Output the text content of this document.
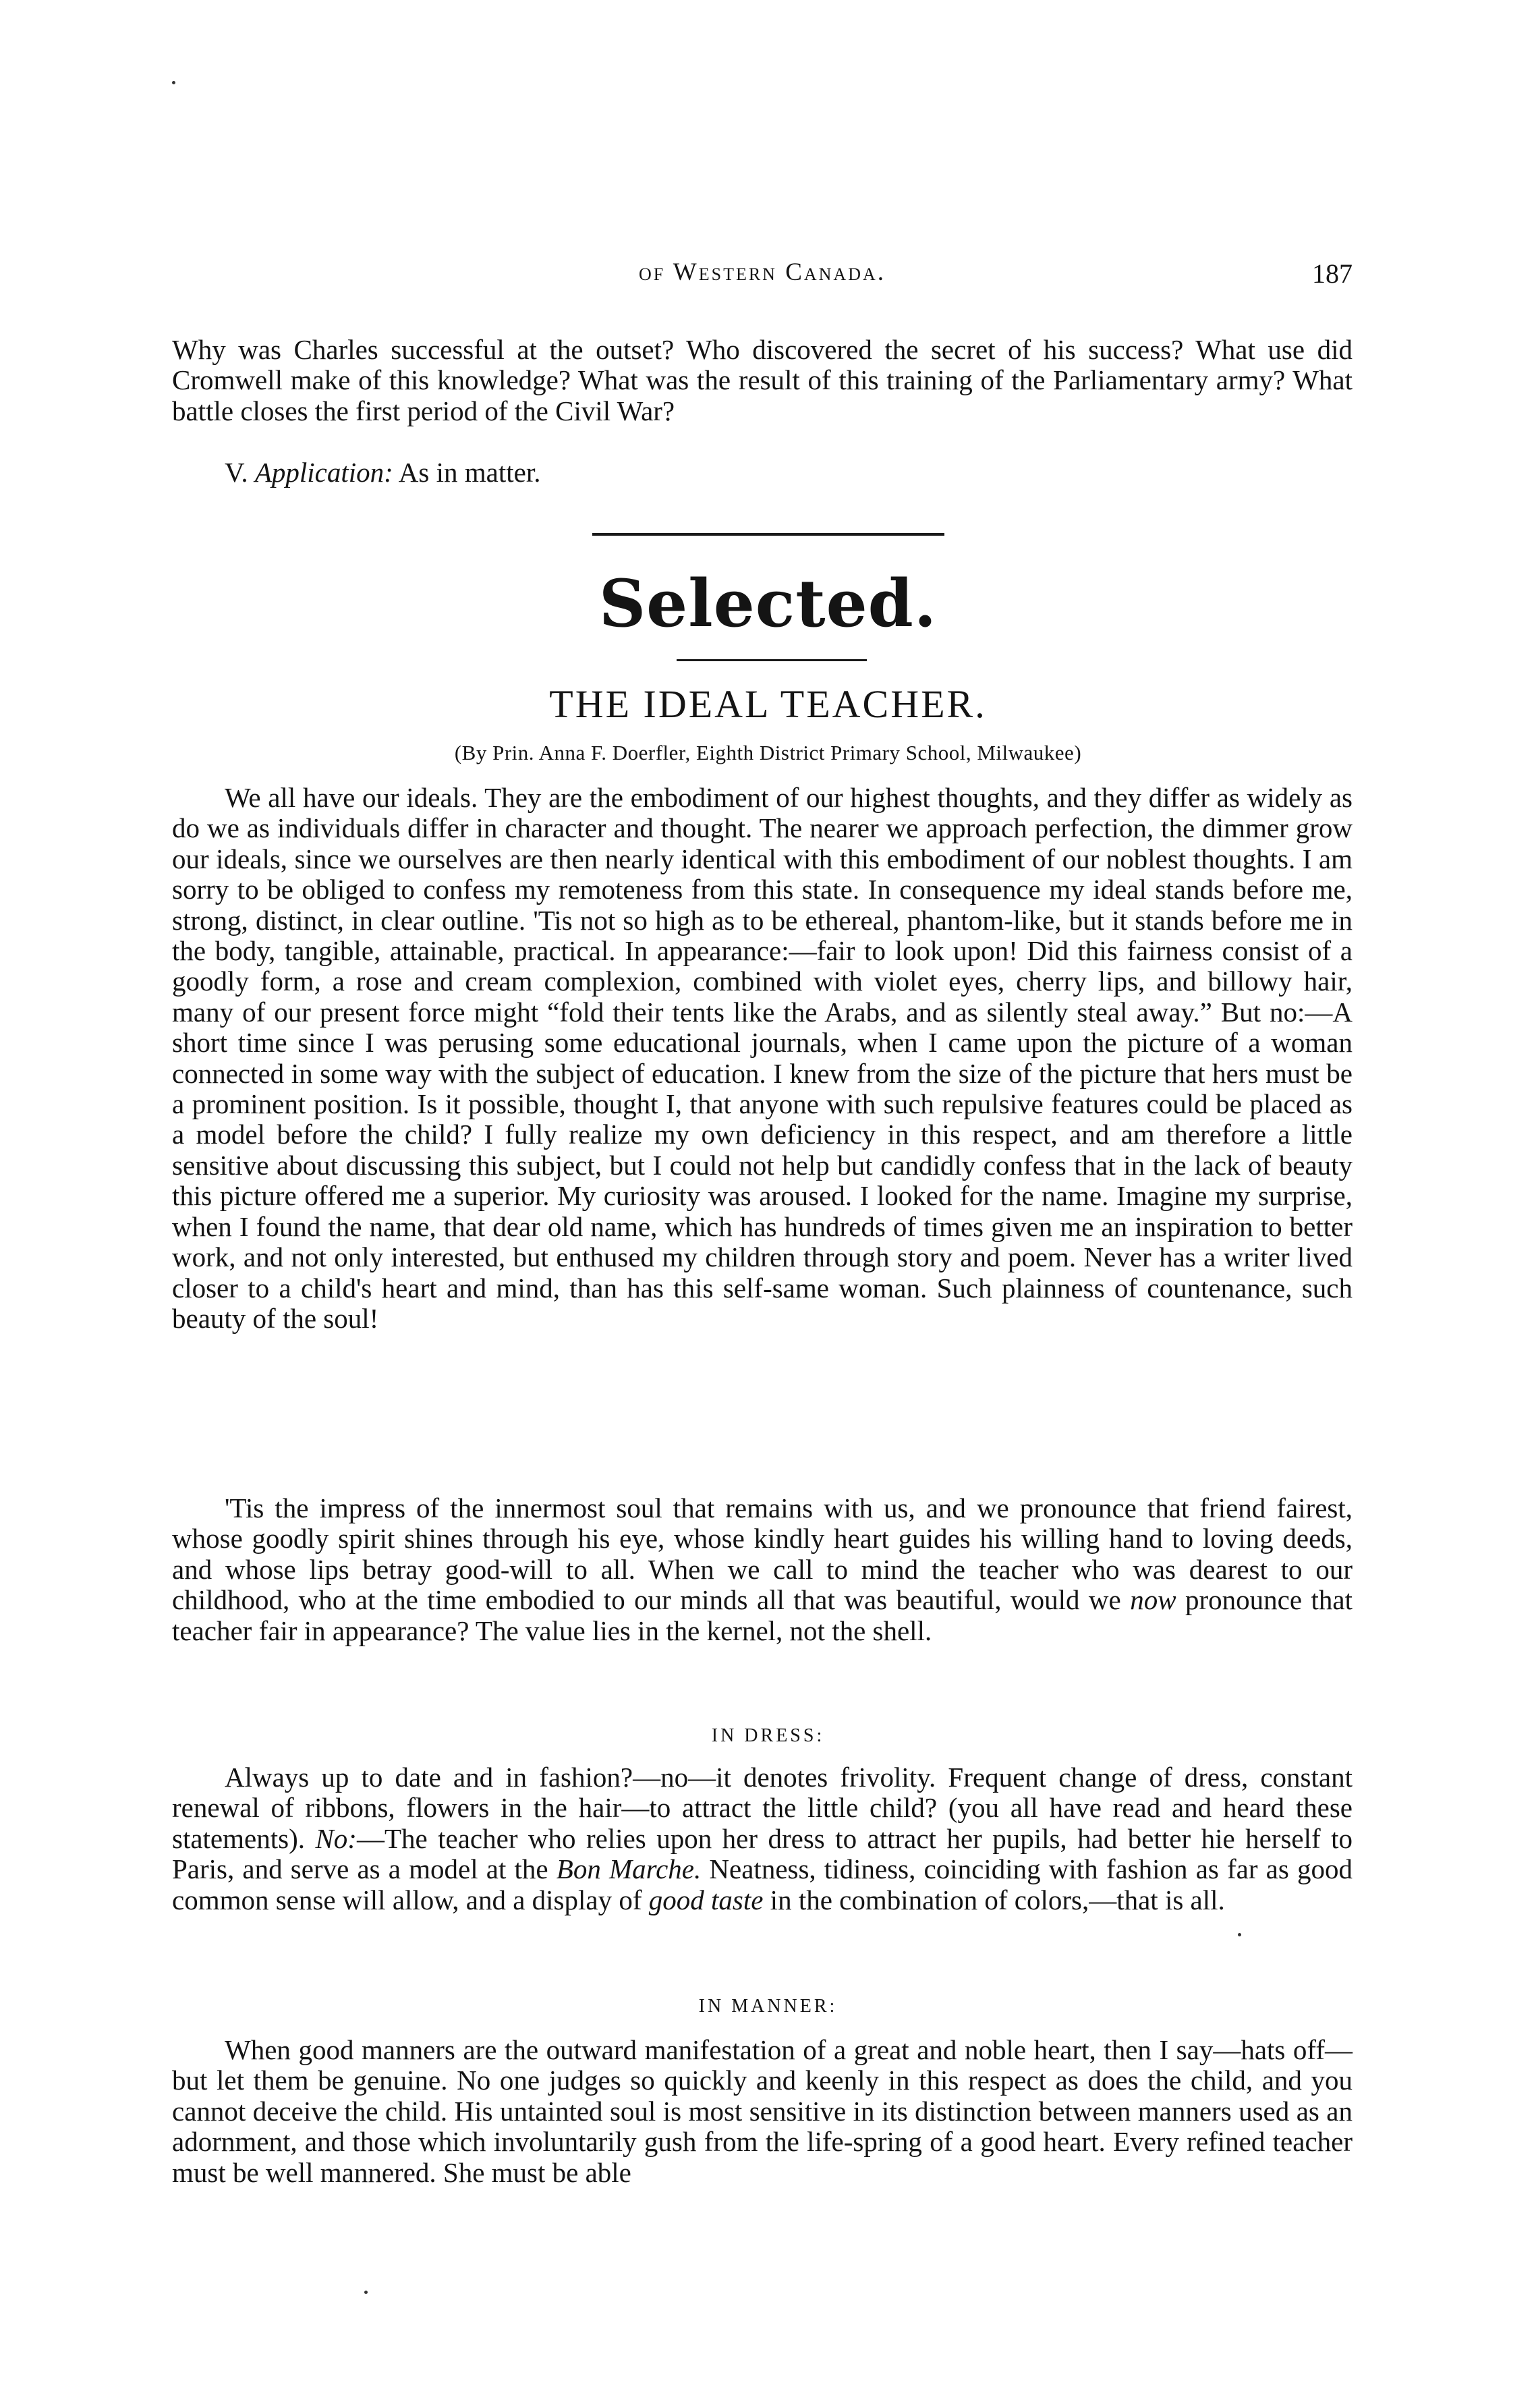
of Western Canada.	187

Why was Charles successful at the outset? Who discovered the secret of his success? What use did Cromwell make of this knowledge? What was the result of this training of the Parliamentary army? What battle closes the first period of the Civil War?

V. Application: As in matter.
Selected.
THE IDEAL TEACHER.
(By Prin. Anna F. Doerfler, Eighth District Primary School, Milwaukee)

We all have our ideals. They are the embodiment of our highest thoughts, and they differ as widely as do we as individuals differ in character and thought. The nearer we approach perfection, the dimmer grow our ideals, since we ourselves are then nearly identical with this embodiment of our noblest thoughts. I am sorry to be obliged to confess my remoteness from this state. In consequence my ideal stands before me, strong, distinct, in clear outline. 'Tis not so high as to be ethereal, phantom-like, but it stands before me in the body, tangible, attainable, practical. In appearance:—fair to look upon! Did this fairness consist of a goodly form, a rose and cream complexion, combined with violet eyes, cherry lips, and billowy hair, many of our present force might “fold their tents like the Arabs, and as silently steal away.” But no:—A short time since I was perusing some educational journals, when I came upon the picture of a woman connected in some way with the subject of education. I knew from the size of the picture that hers must be a prominent position. Is it possible, thought I, that anyone with such repulsive features could be placed as a model before the child? I fully realize my own deficiency in this respect, and am therefore a little sensitive about discussing this subject, but I could not help but candidly confess that in the lack of beauty this picture offered me a superior. My curiosity was aroused. I looked for the name. Imagine my surprise, when I found the name, that dear old name, which has hundreds of times given me an inspiration to better work, and not only interested, but enthused my children through story and poem. Never has a writer lived closer to a child's heart and mind, than has this self-same woman. Such plainness of countenance, such beauty of the soul!

'Tis the impress of the innermost soul that remains with us, and we pronounce that friend fairest, whose goodly spirit shines through his eye, whose kindly heart guides his willing hand to loving deeds, and whose lips betray good-will to all. When we call to mind the teacher who was dearest to our childhood, who at the time embodied to our minds all that was beautiful, would we now pronounce that teacher fair in appearance? The value lies in the kernel, not the shell.

IN DRESS:

Always up to date and in fashion?—no—it denotes frivolity. Frequent change of dress, constant renewal of ribbons, flowers in the hair—to attract the little child? (you all have read and heard these statements). No:—The teacher who relies upon her dress to attract her pupils, had better hie herself to Paris, and serve as a model at the Bon Marche. Neatness, tidiness, coinciding with fashion as far as good common sense will allow, and a display of good taste in the combination of colors,—that is all.

IN MANNER:

When good manners are the outward manifestation of a great and noble heart, then I say—hats off—but let them be genuine. No one judges so quickly and keenly in this respect as does the child, and you cannot deceive the child. His untainted soul is most sensitive in its distinction between manners used as an adornment, and those which involuntarily gush from the life-spring of a good heart. Every refined teacher must be well mannered. She must be able
